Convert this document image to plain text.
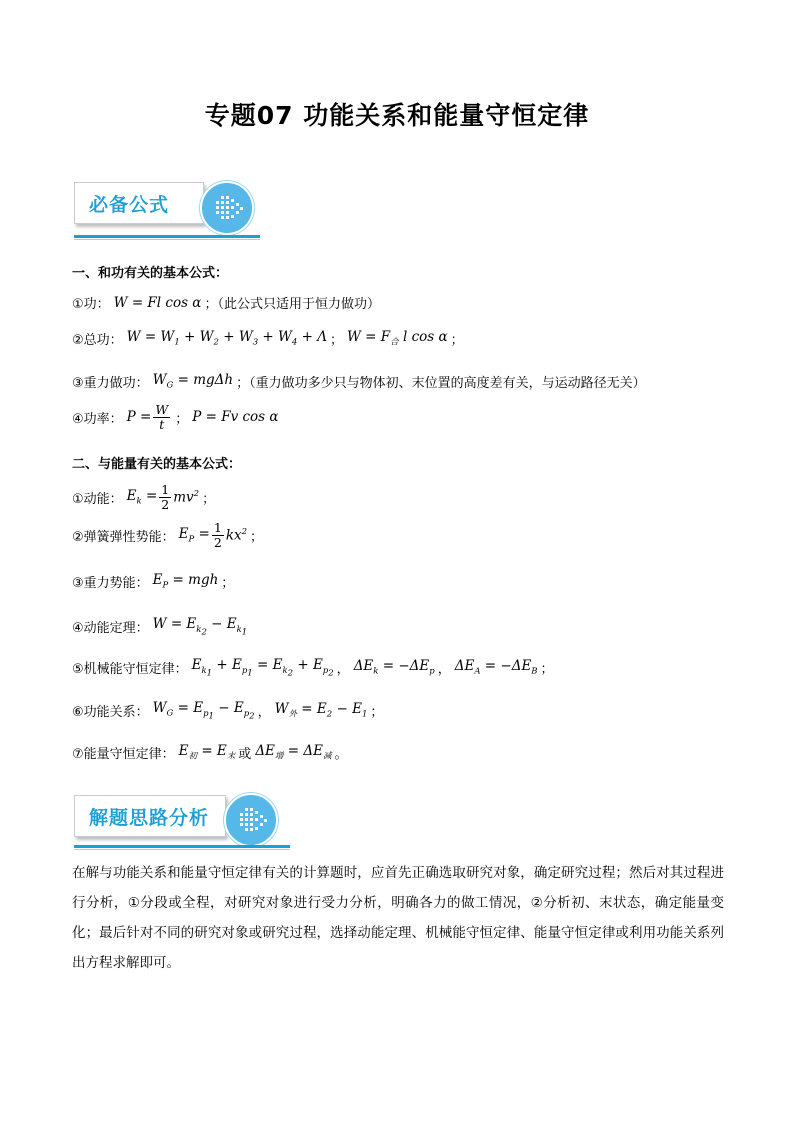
专题07 功能关系和能量守恒定律
必备公式
一、和功有关的基本公式：
①功： W = Fl cos α ；（此公式只适用于恒力做功）
②总功： $W = W_1 + W_2 + W_3 + W_4 + \Lambda$ ； $W = F_合$ l cos α ；
③重力做功： $W_G = mg\Delta h$ ；（重力做功多少只与物体初、末位置的高度差有关，与运动路径无关）
④功率： $P = \frac{W}{t}$ ； P = Fv cos α
二、与能量有关的基本公式：
①动能： $E_k = \frac{1}{2} mv^2$ ；
②弹簧弹性势能： $E_P = \frac{1}{2} kx^2$ ；
③重力势能： $E_P$ = mgh ；
④动能定理： $W = E_{k_2} - E_{k_1}$
⑤机械能守恒定律： $E_{k_1} + E_{p_1} = E_{k_2} + E_{p_2}$ ， $\Delta E_k = -\Delta E_p$ ， $\Delta E_A = -\Delta E_B$ ；
⑥功能关系： $W_G = E_{p_1} - E_{p_2}$ ， $W_外 = E_2 - E_1$ ；
⑦能量守恒定律： $E_初 = E_末$ 或 $\Delta E_增 = \Delta E_减$ 。
解题思路分析
在解与功能关系和能量守恒定律有关的计算题时，应首先正确选取研究对象，确定研究过程；然后对其过程进行分析，①分段或全程，对研究对象进行受力分析，明确各力的做工情况，②分析初、末状态，确定能量变化；最后针对不同的研究对象或研究过程，选择动能定理、机械能守恒定律、能量守恒定律或利用功能关系列出方程求解即可。
